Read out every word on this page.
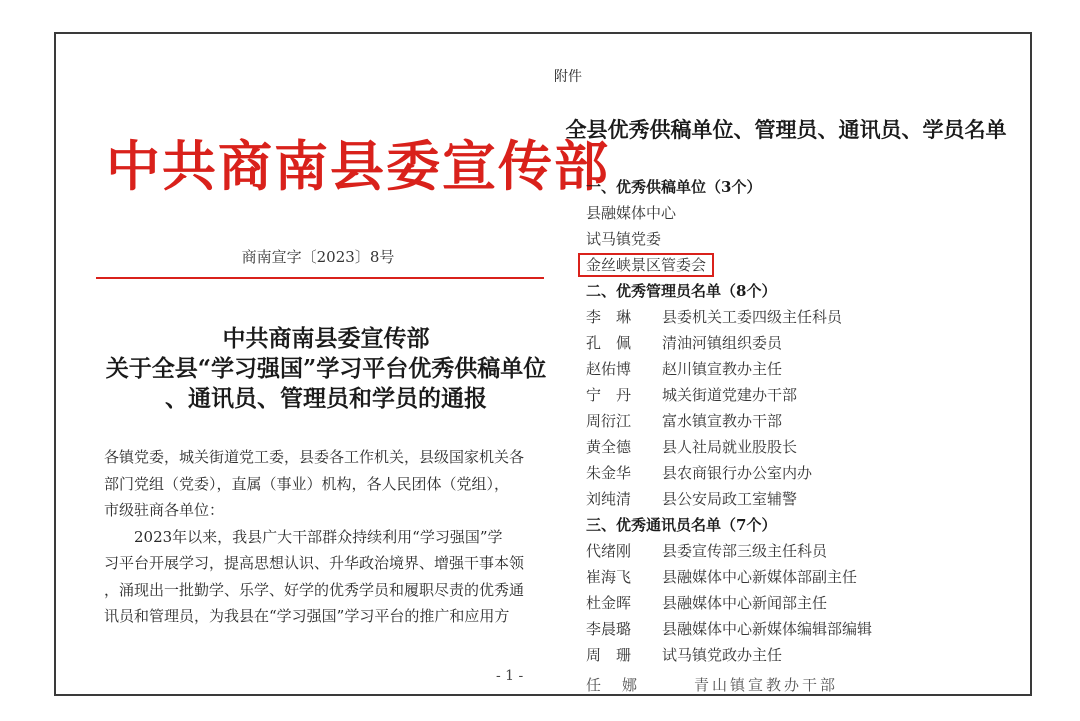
中共商南县委宣传部
商南宣字〔2023〕8号
中共商南县委宣传部
关于全县“学习强国”学习平台优秀供稿单位
、通讯员、管理员和学员的通报
各镇党委，城关街道党工委，县委各工作机关，县级国家机关各
部门党组（党委），直属（事业）机构，各人民团体（党组），
市级驻商各单位：
　　2023年以来，我县广大干部群众持续利用“学习强国”学
习平台开展学习，提高思想认识、升华政治境界、增强干事本领
，涌现出一批勤学、乐学、好学的优秀学员和履职尽责的优秀通
讯员和管理员，为我县在“学习强国”学习平台的推广和应用方
- 1 -
附件
全县优秀供稿单位、管理员、通讯员、学员名单
一、优秀供稿单位（3个）
县融媒体中心
试马镇党委
金丝峡景区管委会
二、优秀管理员名单（8个）
李　琳 县委机关工委四级主任科员
孔　佩 清油河镇组织委员
赵佑博 赵川镇宣教办主任
宁　丹 城关街道党建办干部
周衍江 富水镇宣教办干部
黄全德 县人社局就业股股长
朱金华 县农商银行办公室内办
刘纯清 县公安局政工室辅警
三、优秀通讯员名单（7个）
代绪刚 县委宣传部三级主任科员
崔海飞 县融媒体中心新媒体部副主任
杜金晖 县融媒体中心新闻部主任
李晨璐 县融媒体中心新媒体编辑部编辑
周　珊 试马镇党政办主任
任　娜　　　青山镇宣教办干部
